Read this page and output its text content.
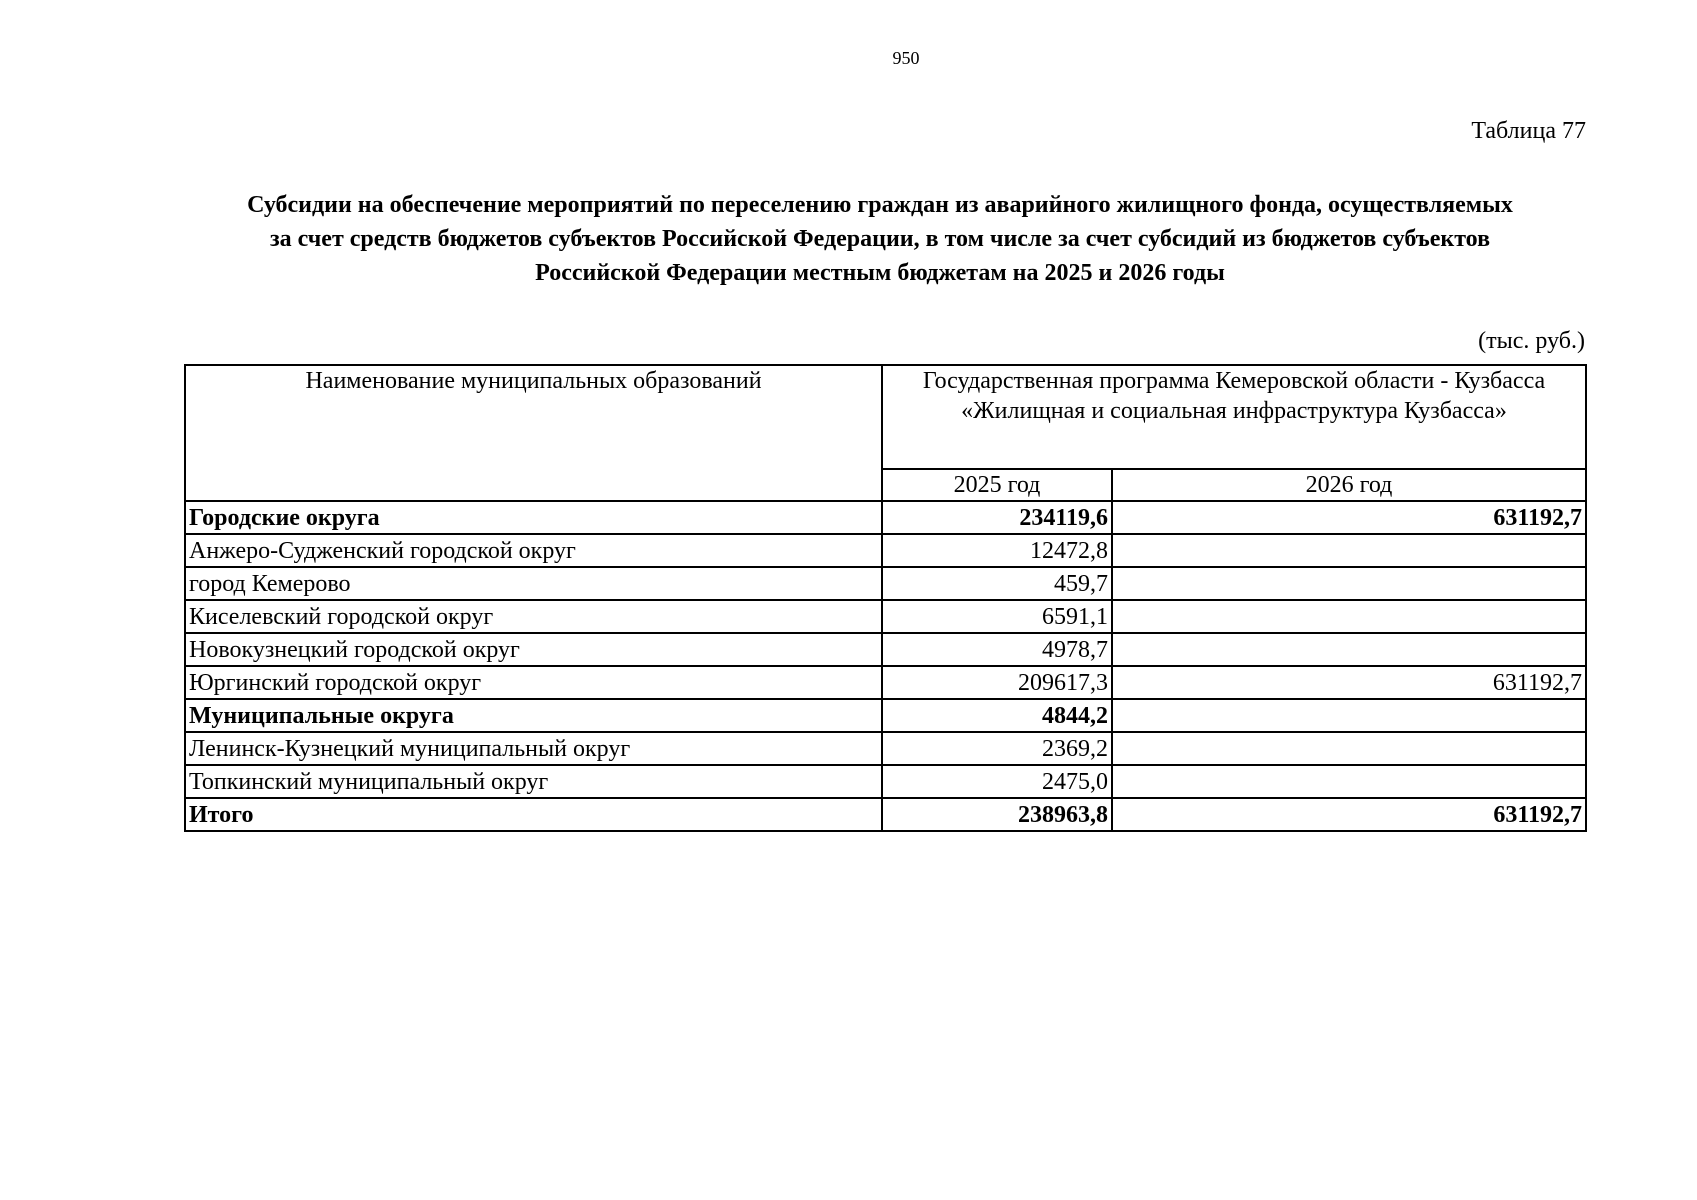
950
Таблица 77
Субсидии на обеспечение мероприятий по переселению граждан из аварийного жилищного фонда, осуществляемых
за счет средств бюджетов субъектов Российской Федерации, в том числе за счет субсидий из бюджетов субъектов
Российской Федерации местным бюджетам на 2025 и 2026 годы
(тыс. руб.)
Наименование муниципальных образований	Государственная программа Кемеровской области - Кузбасса
«Жилищная и социальная инфраструктура Кузбасса»	
	2025 год	2026 год
Городские округа	234119,6	631192,7
Анжеро-Судженский городской округ	12472,8	
город Кемерово	459,7	
Киселевский городской округ	6591,1	
Новокузнецкий городской округ	4978,7	
Юргинский городской округ	209617,3	631192,7
Муниципальные округа	4844,2	
Ленинск-Кузнецкий муниципальный округ	2369,2	
Топкинский муниципальный округ	2475,0	
Итого	238963,8	631192,7
